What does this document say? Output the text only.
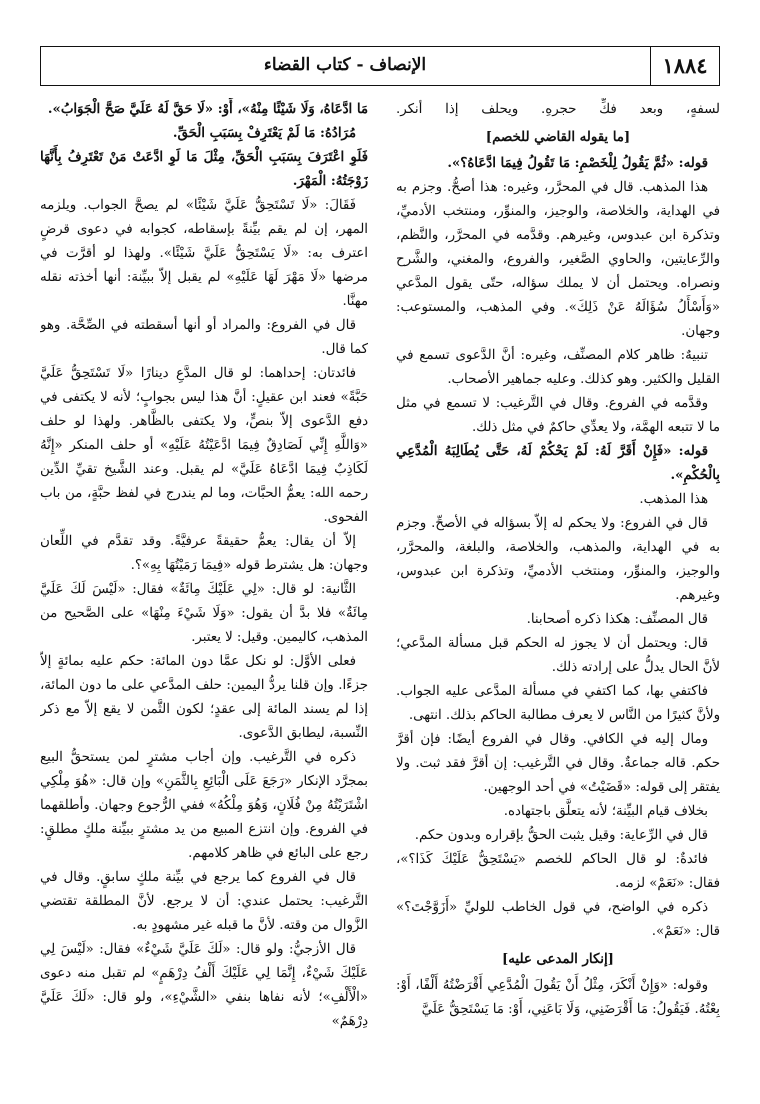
١٨٨٤
الإنصاف - كتاب القضاء

لسفهٍ، وبعد فكِّ حجرهِ. ويحلف إذا أنكر.

[ما يقوله القاضي للخصم]

قوله: «ثُمَّ يَقُولُ لِلْخَصْمِ: مَا تَقُولُ فِيمَا ادَّعَاهُ؟».

هذا المذهب. قال في المحرَّر، وغيره: هذا أصحُّ. وجزم به في الهداية، والخلاصة، والوجيز، والمنوِّر، ومنتخب الأدميِّ، وتذكرة ابن عبدوس، وغيرهم. وقدَّمه في المحرَّر، والنَّظم، والرِّعايتين، والحاوي الصَّغير، والفروع، والمغني، والشَّرح ونصراه. ويحتمل أن لا يملك سؤاله، حتّى يقول المدَّعي «وَأَسْأَلُ سُؤَالَهُ عَنْ ذَلِكَ». وفي المذهب، والمستوعب: وجهان.

تنبيهٌ: ظاهر كلام المصنِّف، وغيره: أنَّ الدَّعوى تسمع في القليل والكثير. وهو كذلك. وعليه جماهير الأصحاب.

وقدَّمه في الفروع. وقال في التَّرغيب: لا تسمع في مثل ما لا تتبعه الهمَّة، ولا يعدِّي حاكمٌ في مثل ذلك.

قوله: «فَإِنْ أَقَرَّ لَهُ: لَمْ يَحْكُمْ لَهُ، حَتَّى يُطَالِبَهُ الْمُدَّعِي بِالْحُكْمِ».

هذا المذهب.

قال في الفروع: ولا يحكم له إلاّ بسؤاله في الأصحِّ. وجزم به في الهداية، والمذهب، والخلاصة، والبلغة، والمحرَّر، والوجيز، والمنوِّر، ومنتخب الأدميِّ، وتذكرة ابن عبدوس، وغيرهم.

قال المصنِّف: هكذا ذكره أصحابنا.

قال: ويحتمل أن لا يجوز له الحكم قبل مسألة المدَّعي؛ لأنَّ الحال يدلُّ على إرادته ذلك.

فاكتفي بها، كما اكتفي في مسألة المدَّعى عليه الجواب. ولأنَّ كثيرًا من النَّاس لا يعرف مطالبة الحاكم بذلك. انتهى.

ومال إليه في الكافي. وقال في الفروع أيضًا: فإن أقرَّ حكم. قاله جماعةٌ. وقال في التَّرغيب: إن أقرَّ فقد ثبت. ولا يفتقر إلى قوله: «قَضَيْتُ» في أحد الوجهين.

بخلاف قيام البيِّنة؛ لأنه يتعلَّق باجتهاده.

قال في الرِّعاية: وقيل يثبت الحقُّ بإقراره وبدون حكم.

فائدةٌ: لو قال الحاكم للخصم «يَسْتَحِقُّ عَلَيْكَ كَذَا؟»، فقال: «نَعَمْ» لزمه.

ذكره في الواضح، في قول الخاطب للوليِّ «أَزَوَّجْتَ؟» قال: «نَعَمْ».

[إنكار المدعى عليه]

وقوله: «وَإِنْ أَنْكَرَ، مِثْلُ أَنْ يَقُولَ الْمُدَّعِي أَقْرَضْتُهُ أَلْفًا، أَوْ: بِعْتُهُ. فَيَقُولُ: مَا أَقْرَضَنِي، وَلَا بَاعَنِي، أَوْ: مَا يَسْتَحِقُّ عَلَيَّ

مَا ادَّعَاهُ، وَلَا شَيْئًا مِنْهُ»، أَوْ: «لَا حَقَّ لَهُ عَلَيَّ صَحَّ الْجَوَابُ».

مُرَادُهُ: مَا لَمْ يَعْتَرِفْ بِسَبَبِ الْحَقِّ.

فَلَوِ اعْتَرَفَ بِسَبَبِ الْحَقِّ، مِثْلَ مَا لَوِ ادَّعَتْ مَنْ تَعْتَرِفُ بِأَنَّهَا زَوْجَتُهُ: الْمَهْرَ.

فَقَالَ: «لَا تَسْتَحِقُّ عَلَيَّ شَيْئًا» لم يصحَّ الجواب. ويلزمه المهر، إن لم يقم بيِّنةً بإسقاطه، كجوابه في دعوى قرضٍ اعترف به: «لَا يَسْتَحِقُّ عَلَيَّ شَيْئًا». ولهذا لو أقرَّت في مرضها «لَا مَهْرَ لَهَا عَلَيْهِ» لم يقبل إلاّ ببيِّنة: أنها أخذته نقله مهنَّا.

قال في الفروع: والمراد أو أنها أسقطته في الصِّحَّة. وهو كما قال.

فائدتان: إحداهما: لو قال المدَّعِ دينارًا «لَا تَسْتَحِقُّ عَلَيَّ حَبَّةً» فعند ابن عقيلٍ: أنَّ هذا ليس بجوابٍ؛ لأنه لا يكتفى في دفع الدَّعوى إلاّ بنصٍّ، ولا يكتفى بالظَّاهر. ولهذا لو حلف «وَاللَّهِ إِنِّي لَصَادِقٌ فِيمَا ادَّعَيْتُهُ عَلَيْهِ» أو حلف المنكر «إِنَّهُ لَكَاذِبٌ فِيمَا ادَّعَاهُ عَلَيَّ» لم يقبل. وعند الشَّيخ تقيِّ الدِّين رحمه الله: يعمُّ الحبَّات، وما لم يندرج في لفظ حبَّةٍ، من باب الفحوى.

إلاّ أن يقال: يعمُّ حقيقةً عرفيَّةً. وقد تقدَّم في اللِّعان وجهان: هل يشترط قوله «فِيمَا رَمَيْتُهَا بِهِ»؟.

الثَّانية: لو قال: «لِي عَلَيْكَ مِائَةٌ» فقال: «لَيْسَ لَكَ عَلَيَّ مِائَةٌ» فلا بدَّ أن يقول: «وَلَا شَيْءَ مِنْهَا» على الصَّحيح من المذهب، كاليمين. وقيل: لا يعتبر.

فعلى الأوَّل: لو نكل عمَّا دون المائة: حكم عليه بمائةٍ إلاّ جزءًا. وإن قلنا يردُّ اليمين: حلف المدَّعي على ما دون المائة، إذا لم يسند المائة إلى عقدٍ؛ لكون الثَّمن لا يقع إلاّ مع ذكر النِّسبة، ليطابق الدَّعوى.

ذكره في التَّرغيب. وإن أجاب مشترٍ لمن يستحقُّ البيع بمجرَّد الإنكار «رَجَعَ عَلَى الْبَائِعِ بِالثَّمَنِ» وإن قال: «هُوَ مِلْكِي اشْتَرَيْتُهُ مِنْ فُلَانٍ، وَهُوَ مِلْكُهُ» ففي الرُّجوع وجهان. وأطلقهما في الفروع. وإن انتزع المبيع من يد مشترٍ ببيِّنة ملكٍ مطلقٍ: رجع على البائع في ظاهر كلامهم.

قال في الفروع كما يرجع في بيِّنة ملكٍ سابقٍ. وقال في التَّرغيب: يحتمل عندي: أن لا يرجع. لأنَّ المطلقة تقتضي الزَّوال من وقته. لأنَّ ما قبله غير مشهودٍ به.

قال الأزجيُّ: ولو قال: «لَكَ عَلَيَّ شَيْءٌ» فقال: «لَيْسَ لِي عَلَيْكَ شَيْءٌ، إِنَّمَا لِي عَلَيْكَ أَلْفُ دِرْهَمٍ» لم تقبل منه دعوى «الْأَلْفِ»؛ لأنه نفاها بنفي «الشَّيْءِ»، ولو قال: «لَكَ عَلَيَّ دِرْهَمٌ»
